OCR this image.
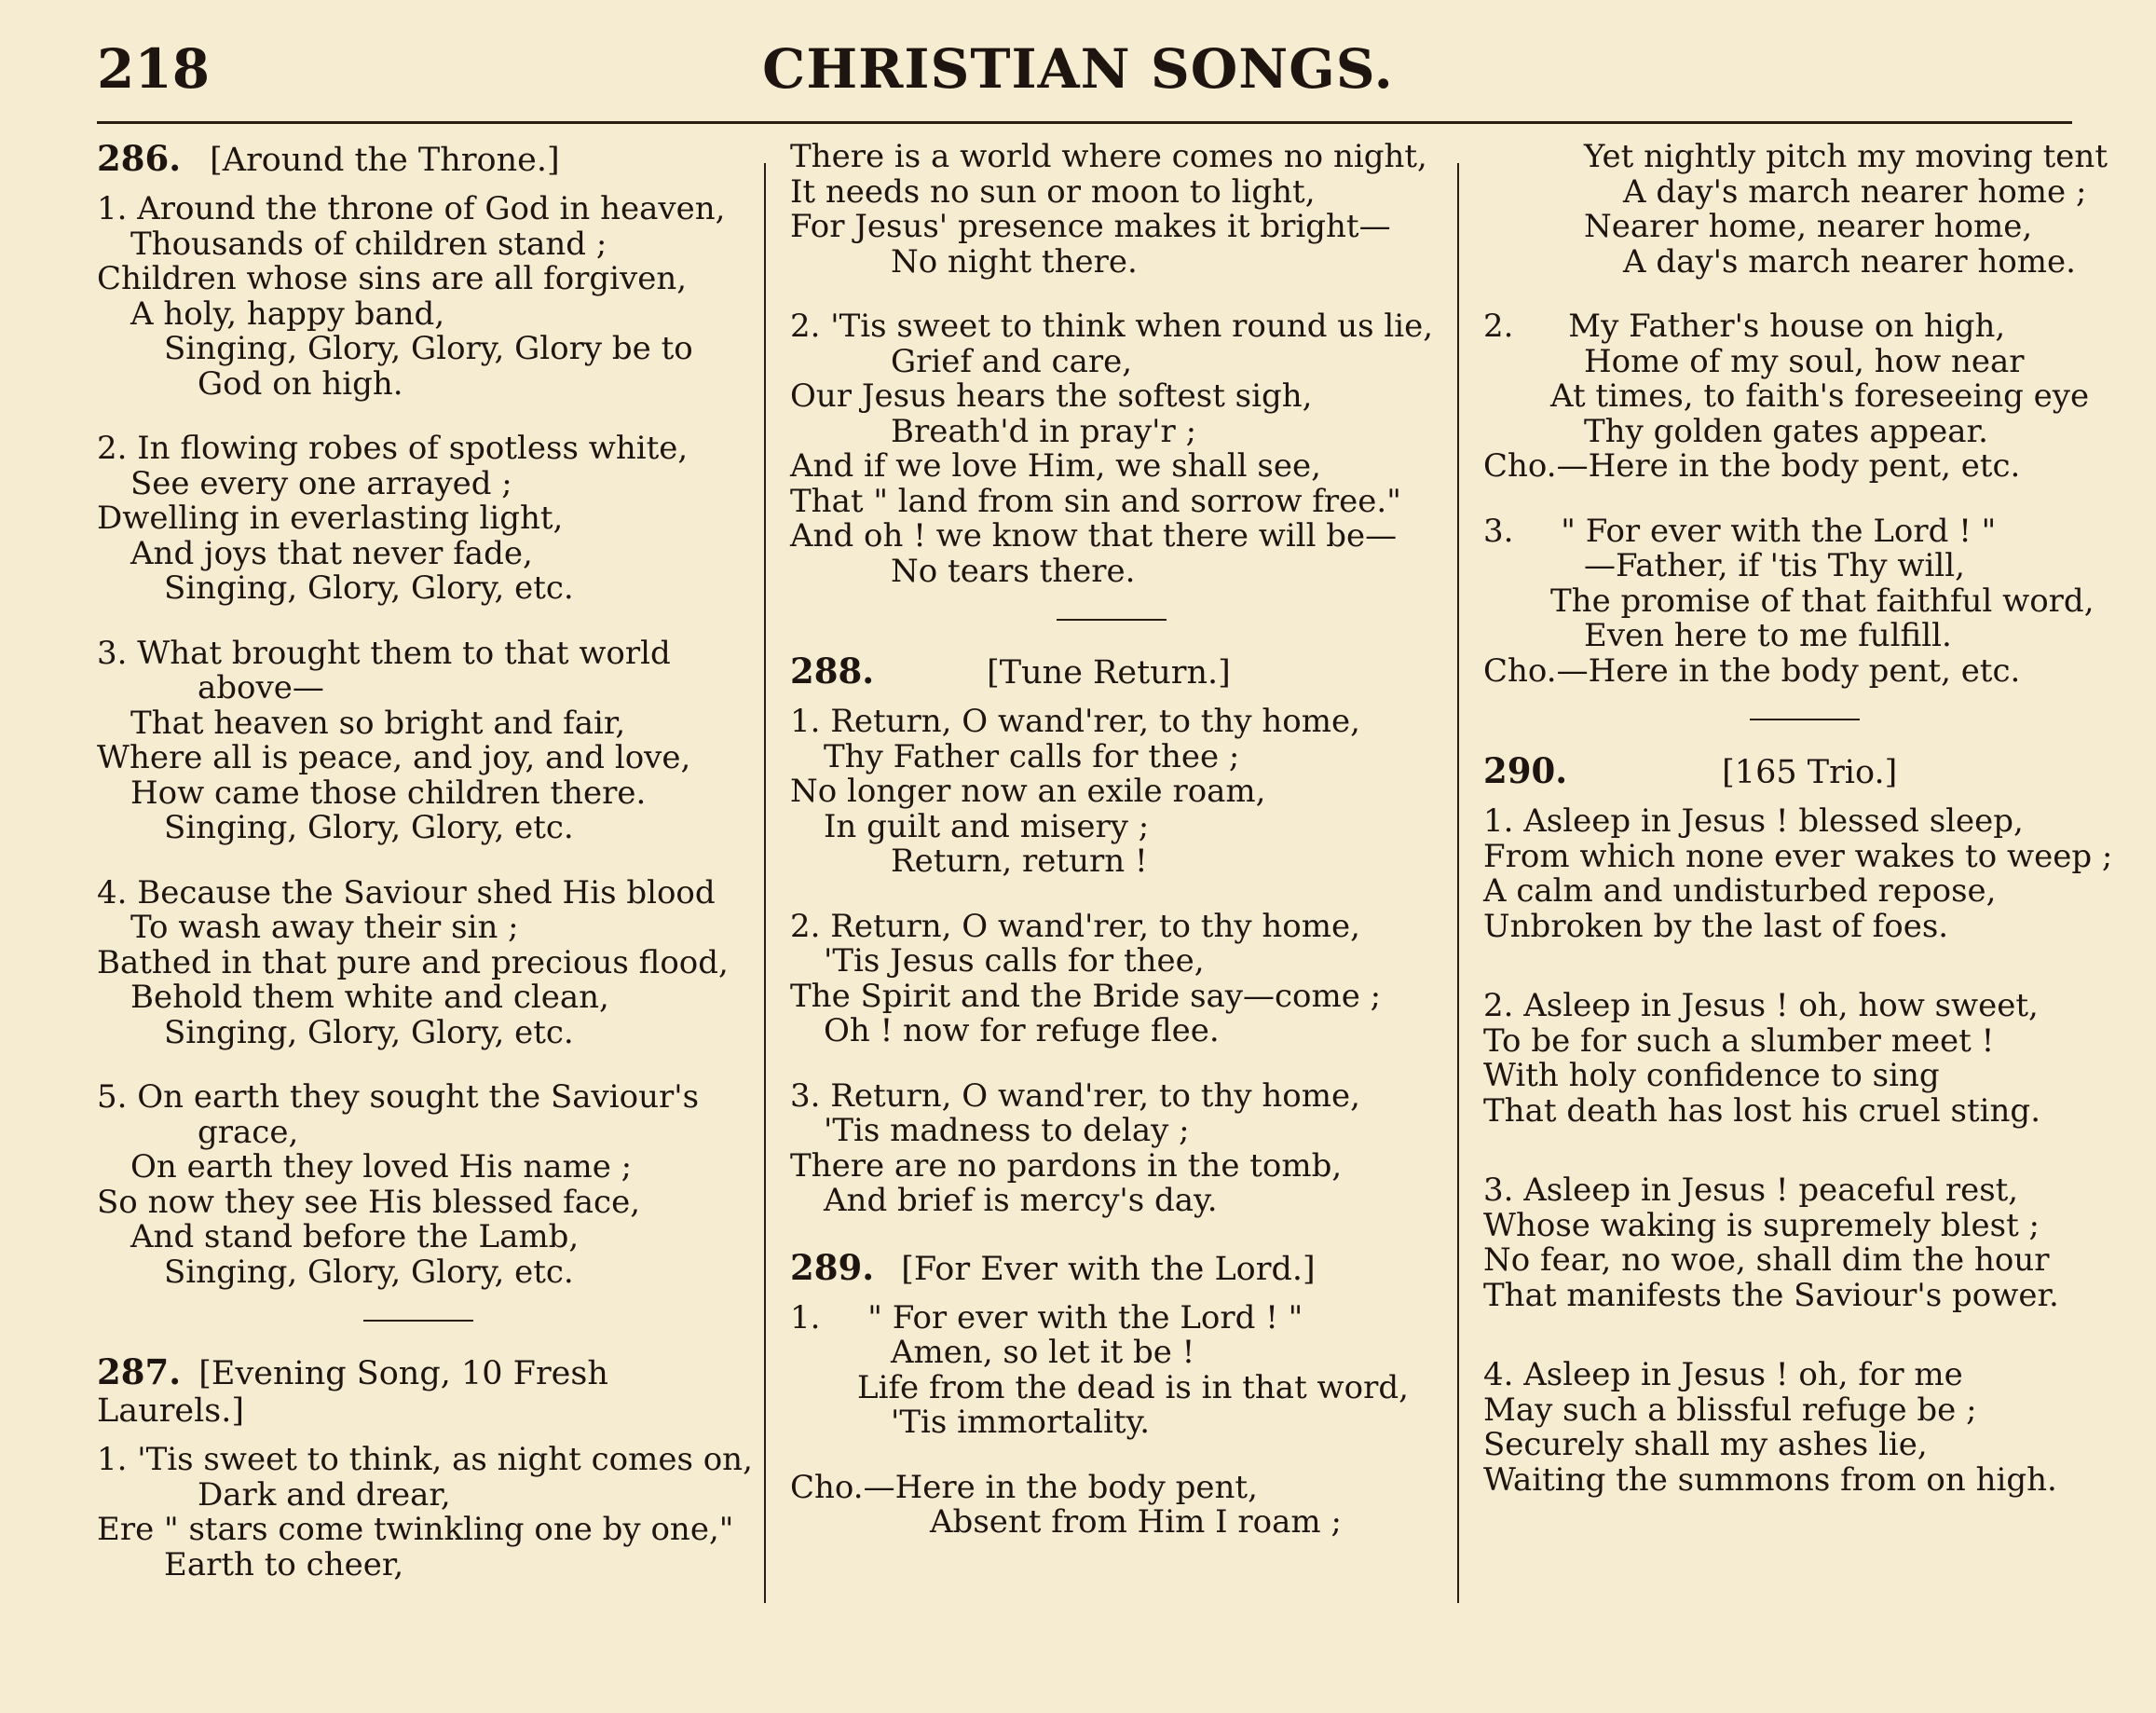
218	CHRISTIAN SONGS.
286. [Around the Throne.]
1. Around the throne of God in heaven,
Thousands of children stand ;
Children whose sins are all forgiven,
A holy, happy band,
Singing, Glory, Glory, Glory be to
God on high.
2. In flowing robes of spotless white,
See every one arrayed ;
Dwelling in everlasting light,
And joys that never fade,
Singing, Glory, Glory, etc.
3. What brought them to that world
above—
That heaven so bright and fair,
Where all is peace, and joy, and love,
How came those children there.
Singing, Glory, Glory, etc.
4. Because the Saviour shed His blood
To wash away their sin ;
Bathed in that pure and precious flood,
Behold them white and clean,
Singing, Glory, Glory, etc.
5. On earth they sought the Saviour's
grace,
On earth they loved His name ;
So now they see His blessed face,
And stand before the Lamb,
Singing, Glory, Glory, etc.
287. [Evening Song, 10 Fresh Laurels.]
1. 'Tis sweet to think, as night comes on,
Dark and drear,
Ere " stars come twinkling one by one,"
Earth to cheer,
There is a world where comes no night,
It needs no sun or moon to light,
For Jesus' presence makes it bright—
No night there.
2. 'Tis sweet to think when round us lie,
Grief and care,
Our Jesus hears the softest sigh,
Breath'd in pray'r ;
And if we love Him, we shall see,
That " land from sin and sorrow free."
And oh ! we know that there will be—
No tears there.
288.	[Tune Return.]
1. Return, O wand'rer, to thy home,
Thy Father calls for thee ;
No longer now an exile roam,
In guilt and misery ;
Return, return !
2. Return, O wand'rer, to thy home,
'Tis Jesus calls for thee,
The Spirit and the Bride say—come ;
Oh ! now for refuge flee.
3. Return, O wand'rer, to thy home,
'Tis madness to delay ;
There are no pardons in the tomb,
And brief is mercy's day.
289. [For Ever with the Lord.]
1. " For ever with the Lord ! "
Amen, so let it be !
Life from the dead is in that word,
'Tis immortality.
Cho.—Here in the body pent,
Absent from Him I roam ;
Yet nightly pitch my moving tent
A day's march nearer home ;
Nearer home, nearer home,
A day's march nearer home.
2. My Father's house on high,
Home of my soul, how near
At times, to faith's foreseeing eye
Thy golden gates appear.
Cho.—Here in the body pent, etc.
3. " For ever with the Lord ! "
—Father, if 'tis Thy will,
The promise of that faithful word,
Even here to me fulfill.
Cho.—Here in the body pent, etc.
290.	[165 Trio.]
1. Asleep in Jesus ! blessed sleep,
From which none ever wakes to weep ;
A calm and undisturbed repose,
Unbroken by the last of foes.
2. Asleep in Jesus ! oh, how sweet,
To be for such a slumber meet !
With holy confidence to sing
That death has lost his cruel sting.
3. Asleep in Jesus ! peaceful rest,
Whose waking is supremely blest ;
No fear, no woe, shall dim the hour
That manifests the Saviour's power.
4. Asleep in Jesus ! oh, for me
May such a blissful refuge be ;
Securely shall my ashes lie,
Waiting the summons from on high.
